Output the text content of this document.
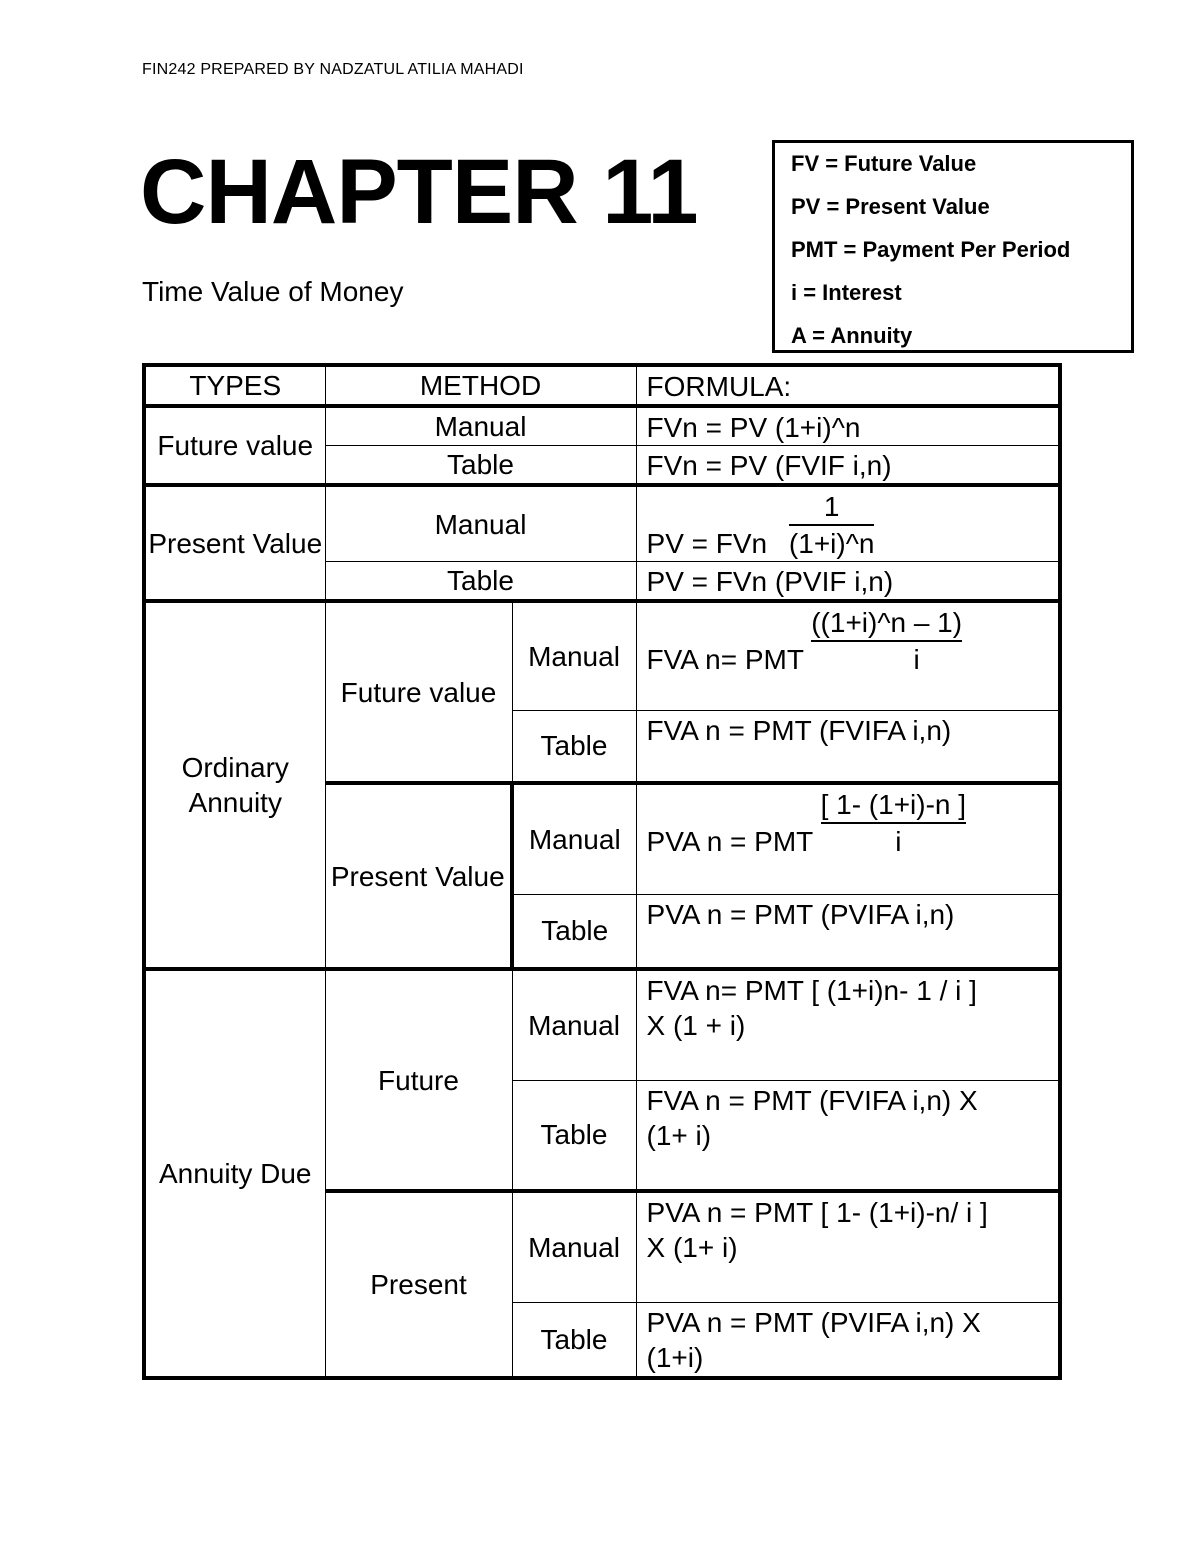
FIN242 PREPARED BY NADZATUL ATILIA MAHADI
CHAPTER 11
Time Value of Money
FV = Future Value
PV = Present Value
PMT = Payment Per Period
i = Interest
A = Annuity
TYPES	METHOD		FORMULA:
Future value	Manual		FVn = PV (1+i)^n
	Table		FVn = PV (FVIF i,n)
Present Value	Manual		PV = FVn $\frac{1}{(1+i)\^{}n}$

	Table		PV = FVn (PVIF i,n)
Ordinary Annuity	Future value	Manual	FVA n= PMT $\frac{((1+i)\^{}n - 1)}{i}$

		Table	FVA n = PMT (FVIFA i,n)
	Present Value	Manual	PVA n = PMT $\frac{[ 1- (1+i)-n ]}{i}$

		Table	PVA n = PMT (PVIFA i,n)
Annuity Due	Future	Manual	FVA n= PMT [ (1+i)n- 1 / i ]
X (1 + i)

		Table	FVA n = PMT (FVIFA i,n) X
(1+ i)

	Present	Manual	PVA n = PMT [ 1- (1+i)-n/ i ]
X (1+ i)

		Table	PVA n = PMT (PVIFA i,n) X
(1+i)
